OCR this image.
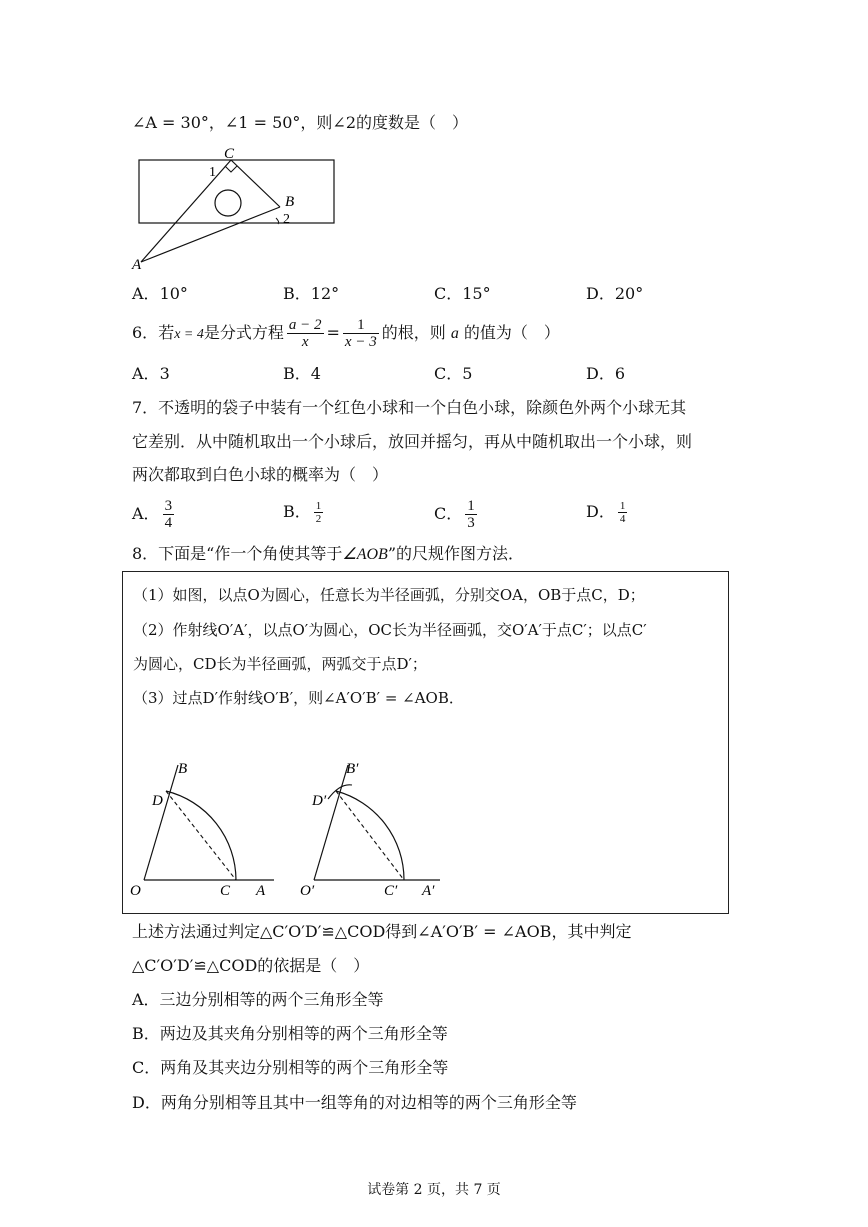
∠A = 30°，∠1 = 50°，则∠2的度数是（　）
C
1
B
2
A
A．10°	B．12°	C．15°	D．20°
6．若x = 4是分式方程 $\frac{a - 2}{x} = \frac{1}{x - 3}$ 的根，则 a 的值为（　）
A．3	B．4	C．5	D．6
7．不透明的袋子中装有一个红色小球和一个白色小球，除颜色外两个小球无其
它差别．从中随机取出一个小球后，放回并摇匀，再从中随机取出一个小球，则
两次都取到白色小球的概率为（　）
A． $\frac{3}{4}$	B． $\frac{1}{2}$	C． $\frac{1}{3}$	D． $\frac{1}{4}$
8．下面是“作一个角使其等于∠AOB”的尺规作图方法．
（1）如图，以点O为圆心，任意长为半径画弧，分别交OA，OB于点C，D；
（2）作射线O′A′，以点O′为圆心，OC长为半径画弧，交O′A′于点C′；以点C′
为圆心，CD长为半径画弧，两弧交于点D′；
（3）过点D′作射线O′B′，则∠A′O′B′ = ∠AOB．
O	C A
D
B
O′	C′ A′
D′
B′
上述方法通过判定△C′O′D′≌△COD得到∠A′O′B′ = ∠AOB，其中判定
△C′O′D′≌△COD的依据是（　）
A．三边分别相等的两个三角形全等
B．两边及其夹角分别相等的两个三角形全等
C．两角及其夹边分别相等的两个三角形全等
D．两角分别相等且其中一组等角的对边相等的两个三角形全等
试卷第 2 页，共 7 页
